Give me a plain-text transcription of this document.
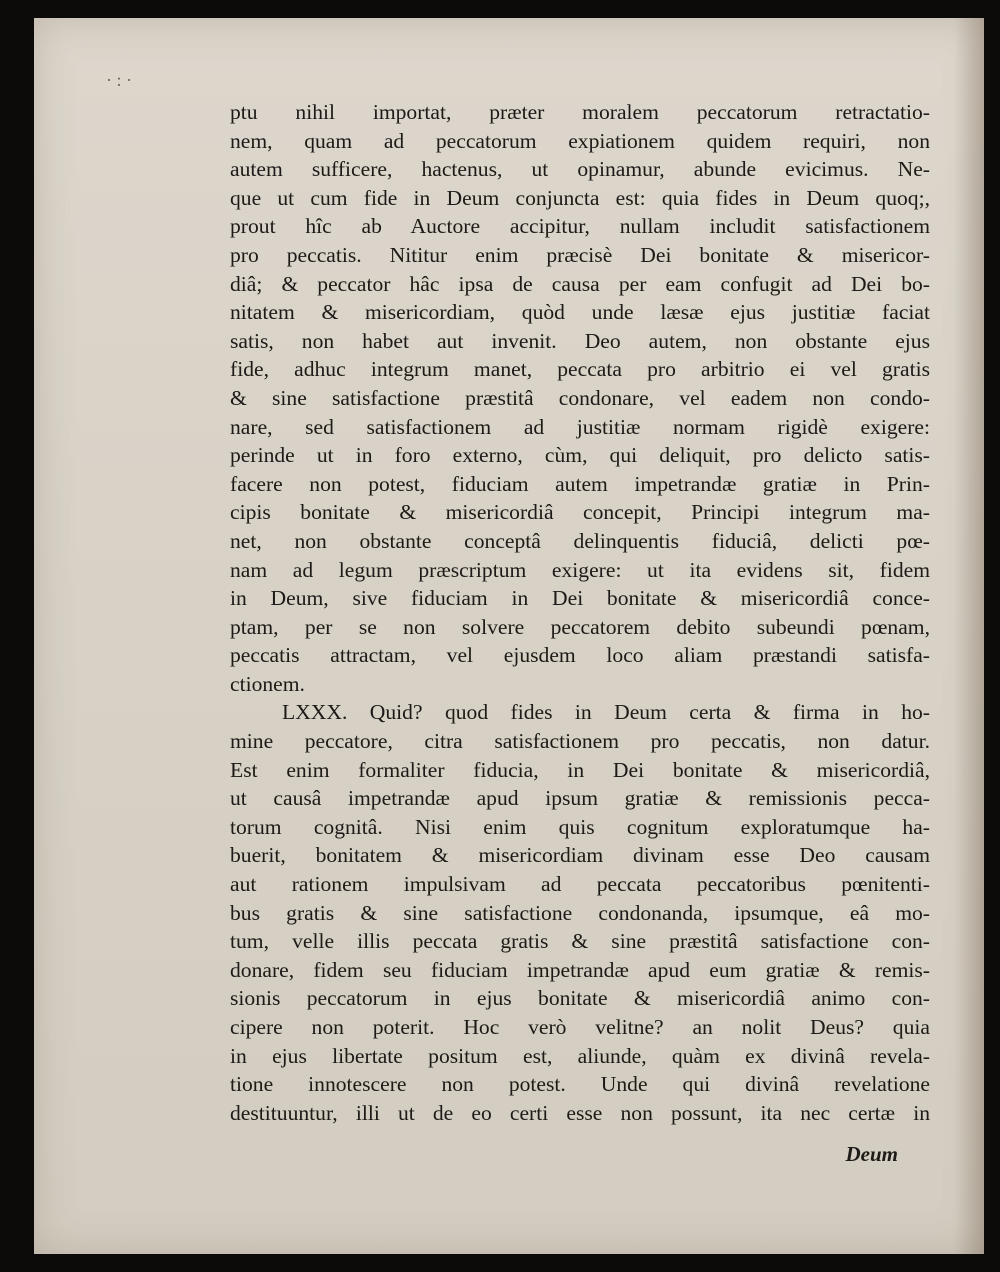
· : ·
ptu nihil importat, præter moralem peccatorum retractatio-
nem, quam ad peccatorum expiationem quidem requiri, non
autem sufficere, hactenus, ut opinamur, abunde evicimus. Ne-
que ut cum fide in Deum conjuncta est: quia fides in Deum quoq;,
prout hîc ab Auctore accipitur, nullam includit satisfactionem
pro peccatis. Nititur enim præcisè Dei bonitate & misericor-
diâ; & peccator hâc ipsa de causa per eam confugit ad Dei bo-
nitatem & misericordiam, quòd unde læsæ ejus justitiæ faciat
satis, non habet aut invenit. Deo autem, non obstante ejus
fide, adhuc integrum manet, peccata pro arbitrio ei vel gratis
& sine satisfactione præstitâ condonare, vel eadem non condo-
nare, sed satisfactionem ad justitiæ normam rigidè exigere:
perinde ut in foro externo, cùm, qui deliquit, pro delicto satis-
facere non potest, fiduciam autem impetrandæ gratiæ in Prin-
cipis bonitate & misericordiâ concepit, Principi integrum ma-
net, non obstante conceptâ delinquentis fiduciâ, delicti pœ-
nam ad legum præscriptum exigere: ut ita evidens sit, fidem
in Deum, sive fiduciam in Dei bonitate & misericordiâ conce-
ptam, per se non solvere peccatorem debito subeundi pœnam,
peccatis attractam, vel ejusdem loco aliam præstandi satisfa-
ctionem.
LXXX. Quid? quod fides in Deum certa & firma in ho-
mine peccatore, citra satisfactionem pro peccatis, non datur.
Est enim formaliter fiducia, in Dei bonitate & misericordiâ,
ut causâ impetrandæ apud ipsum gratiæ & remissionis pecca-
torum cognitâ. Nisi enim quis cognitum exploratumque ha-
buerit, bonitatem & misericordiam divinam esse Deo causam
aut rationem impulsivam ad peccata peccatoribus pœnitenti-
bus gratis & sine satisfactione condonanda, ipsumque, eâ mo-
tum, velle illis peccata gratis & sine præstitâ satisfactione con-
donare, fidem seu fiduciam impetrandæ apud eum gratiæ & remis-
sionis peccatorum in ejus bonitate & misericordiâ animo con-
cipere non poterit. Hoc verò velitne? an nolit Deus? quia
in ejus libertate positum est, aliunde, quàm ex divinâ revela-
tione innotescere non potest. Unde qui divinâ revelatione
destituuntur, illi ut de eo certi esse non possunt, ita nec certæ in
Deum
